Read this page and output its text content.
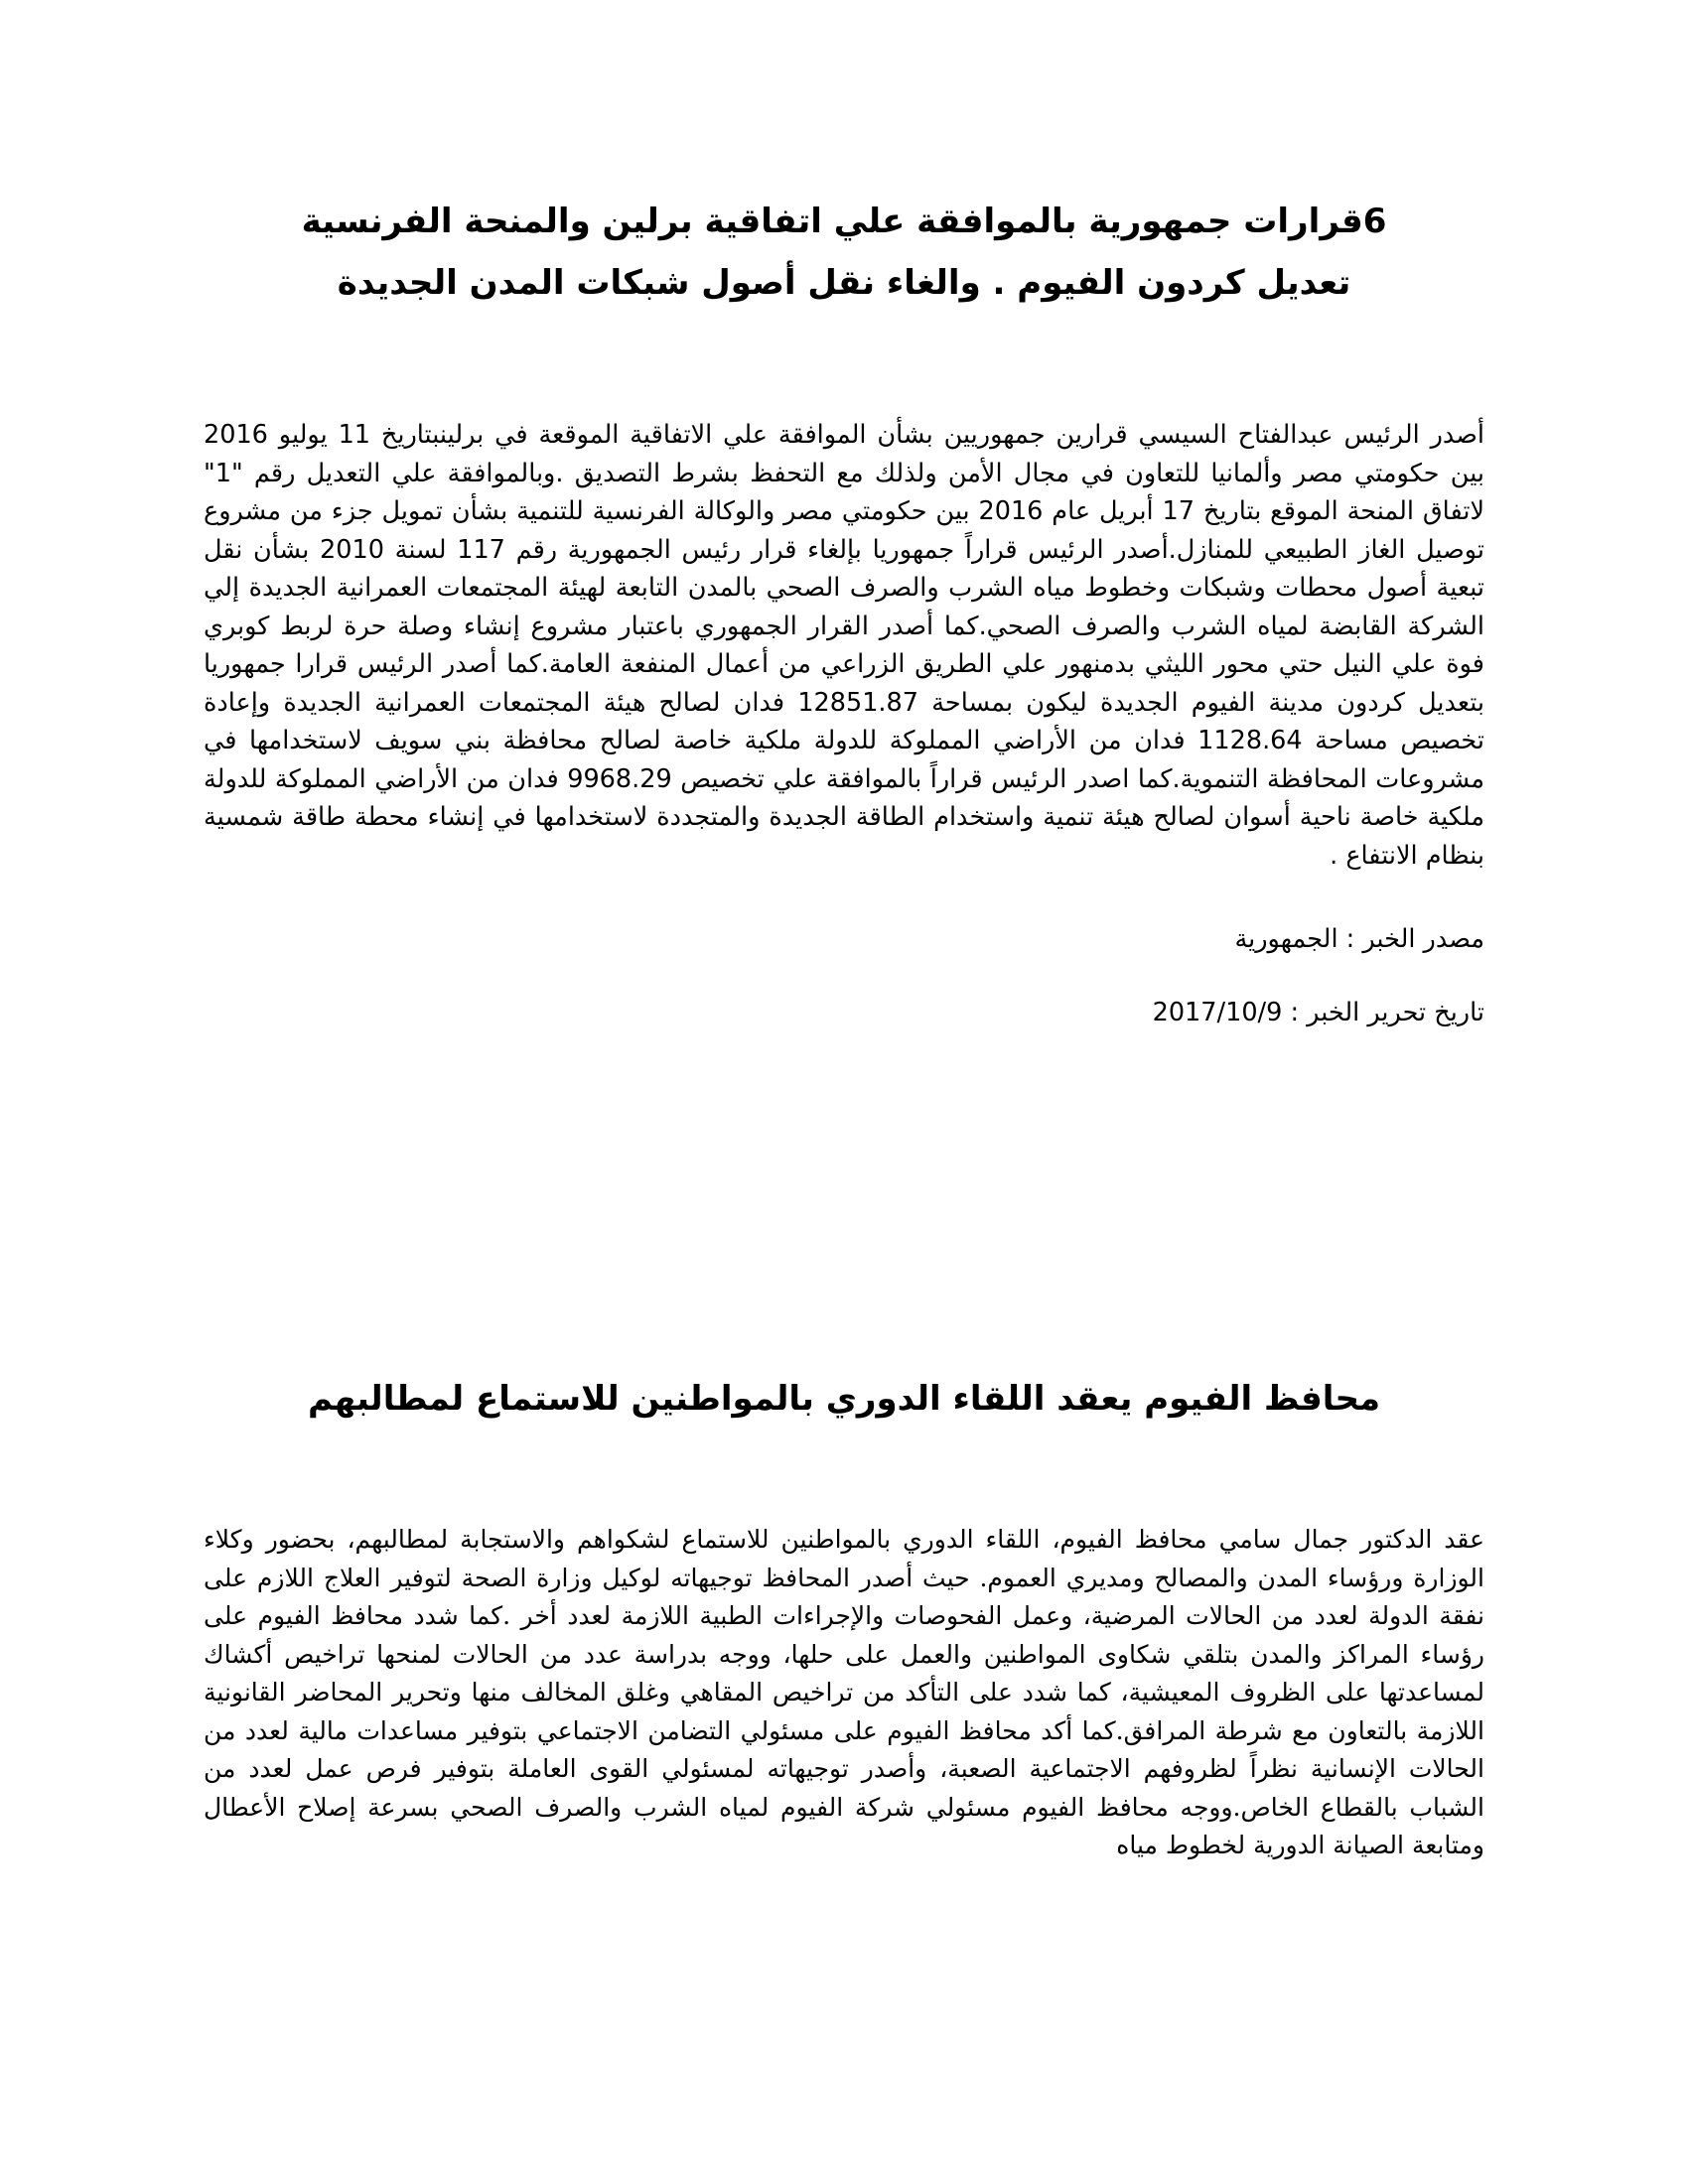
6قرارات جمهورية بالموافقة علي اتفاقية برلين والمنحة الفرنسية
تعديل كردون الفيوم . والغاء نقل أصول شبكات المدن الجديدة

أصدر الرئيس عبدالفتاح السيسي قرارين جمهوريين بشأن الموافقة علي الاتفاقية الموقعة في برلينبتاريخ 11 يوليو 2016 بين حكومتي مصر وألمانيا للتعاون في مجال الأمن ولذلك مع التحفظ بشرط التصديق .وبالموافقة علي التعديل رقم "1" لاتفاق المنحة الموقع بتاريخ 17 أبريل عام 2016 بين حكومتي مصر والوكالة الفرنسية للتنمية بشأن تمويل جزء من مشروع توصيل الغاز الطبيعي للمنازل.أصدر الرئيس قراراً جمهوريا بإلغاء قرار رئيس الجمهورية رقم 117 لسنة 2010 بشأن نقل تبعية أصول محطات وشبكات وخطوط مياه الشرب والصرف الصحي بالمدن التابعة لهيئة المجتمعات العمرانية الجديدة إلي الشركة القابضة لمياه الشرب والصرف الصحي.كما أصدر القرار الجمهوري باعتبار مشروع إنشاء وصلة حرة لربط كوبري فوة علي النيل حتي محور الليثي بدمنهور علي الطريق الزراعي من أعمال المنفعة العامة.كما أصدر الرئيس قرارا جمهوريا بتعديل كردون مدينة الفيوم الجديدة ليكون بمساحة 12851.87 فدان لصالح هيئة المجتمعات العمرانية الجديدة وإعادة تخصيص مساحة 1128.64 فدان من الأراضي المملوكة للدولة ملكية خاصة لصالح محافظة بني سويف لاستخدامها في مشروعات المحافظة التنموية.كما اصدر الرئيس قراراً بالموافقة علي تخصيص 9968.29 فدان من الأراضي المملوكة للدولة ملكية خاصة ناحية أسوان لصالح هيئة تنمية واستخدام الطاقة الجديدة والمتجددة لاستخدامها في إنشاء محطة طاقة شمسية بنظام الانتفاع .

مصدر الخبر : الجمهورية

تاريخ تحرير الخبر : 2017/10/9

محافظ الفيوم يعقد اللقاء الدوري بالمواطنين للاستماع لمطالبهم

عقد الدكتور جمال سامي محافظ الفيوم، اللقاء الدوري بالمواطنين للاستماع لشكواهم والاستجابة لمطالبهم، بحضور وكلاء الوزارة ورؤساء المدن والمصالح ومديري العموم. حيث أصدر المحافظ توجيهاته لوكيل وزارة الصحة لتوفير العلاج اللازم على نفقة الدولة لعدد من الحالات المرضية، وعمل الفحوصات والإجراءات الطبية اللازمة لعدد أخر .كما شدد محافظ الفيوم على رؤساء المراكز والمدن بتلقي شكاوى المواطنين والعمل على حلها، ووجه بدراسة عدد من الحالات لمنحها تراخيص أكشاك لمساعدتها على الظروف المعيشية، كما شدد على التأكد من تراخيص المقاهي وغلق المخالف منها وتحرير المحاضر القانونية اللازمة بالتعاون مع شرطة المرافق.كما أكد محافظ الفيوم على مسئولي التضامن الاجتماعي بتوفير مساعدات مالية لعدد من الحالات الإنسانية نظراً لظروفهم الاجتماعية الصعبة، وأصدر توجيهاته لمسئولي القوى العاملة بتوفير فرص عمل لعدد من الشباب بالقطاع الخاص.ووجه محافظ الفيوم مسئولي شركة الفيوم لمياه الشرب والصرف الصحي بسرعة إصلاح الأعطال ومتابعة الصيانة الدورية لخطوط مياه
